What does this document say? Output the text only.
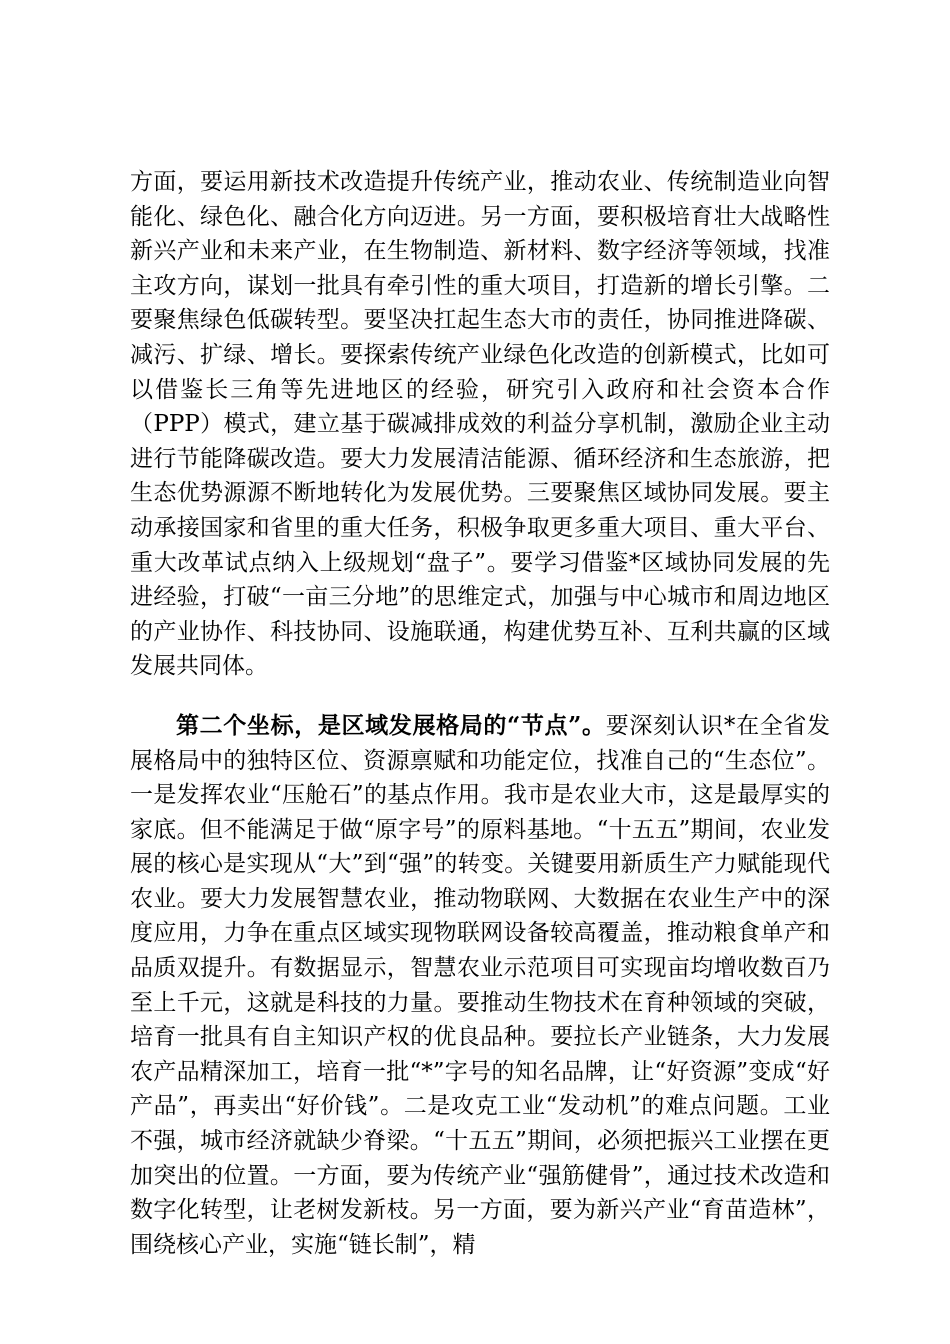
方面，要运用新技术改造提升传统产业，推动农业、传统制造业向智能化、绿色化、融合化方向迈进。另一方面，要积极培育壮大战略性新兴产业和未来产业，在生物制造、新材料、数字经济等领域，找准主攻方向，谋划一批具有牵引性的重大项目，打造新的增长引擎。二要聚焦绿色低碳转型。要坚决扛起生态大市的责任，协同推进降碳、减污、扩绿、增长。要探索传统产业绿色化改造的创新模式，比如可以借鉴长三角等先进地区的经验，研究引入政府和社会资本合作（PPP）模式，建立基于碳减排成效的利益分享机制，激励企业主动进行节能降碳改造。要大力发展清洁能源、循环经济和生态旅游，把生态优势源源不断地转化为发展优势。三要聚焦区域协同发展。要主动承接国家和省里的重大任务，积极争取更多重大项目、重大平台、重大改革试点纳入上级规划“盘子”。要学习借鉴*区域协同发展的先进经验，打破“一亩三分地”的思维定式，加强与中心城市和周边地区的产业协作、科技协同、设施联通，构建优势互补、互利共赢的区域发展共同体。

第二个坐标，是区域发展格局的“节点”。要深刻认识*在全省发展格局中的独特区位、资源禀赋和功能定位，找准自己的“生态位”。一是发挥农业“压舱石”的基点作用。我市是农业大市，这是最厚实的家底。但不能满足于做“原字号”的原料基地。“十五五”期间，农业发展的核心是实现从“大”到“强”的转变。关键要用新质生产力赋能现代农业。要大力发展智慧农业，推动物联网、大数据在农业生产中的深度应用，力争在重点区域实现物联网设备较高覆盖，推动粮食单产和品质双提升。有数据显示，智慧农业示范项目可实现亩均增收数百乃至上千元，这就是科技的力量。要推动生物技术在育种领域的突破，培育一批具有自主知识产权的优良品种。要拉长产业链条，大力发展农产品精深加工，培育一批“*”字号的知名品牌，让“好资源”变成“好产品”，再卖出“好价钱”。二是攻克工业“发动机”的难点问题。工业不强，城市经济就缺少脊梁。“十五五”期间，必须把振兴工业摆在更加突出的位置。一方面，要为传统产业“强筋健骨”，通过技术改造和数字化转型，让老树发新枝。另一方面，要为新兴产业“育苗造林”，围绕核心产业，实施“链长制”，精
